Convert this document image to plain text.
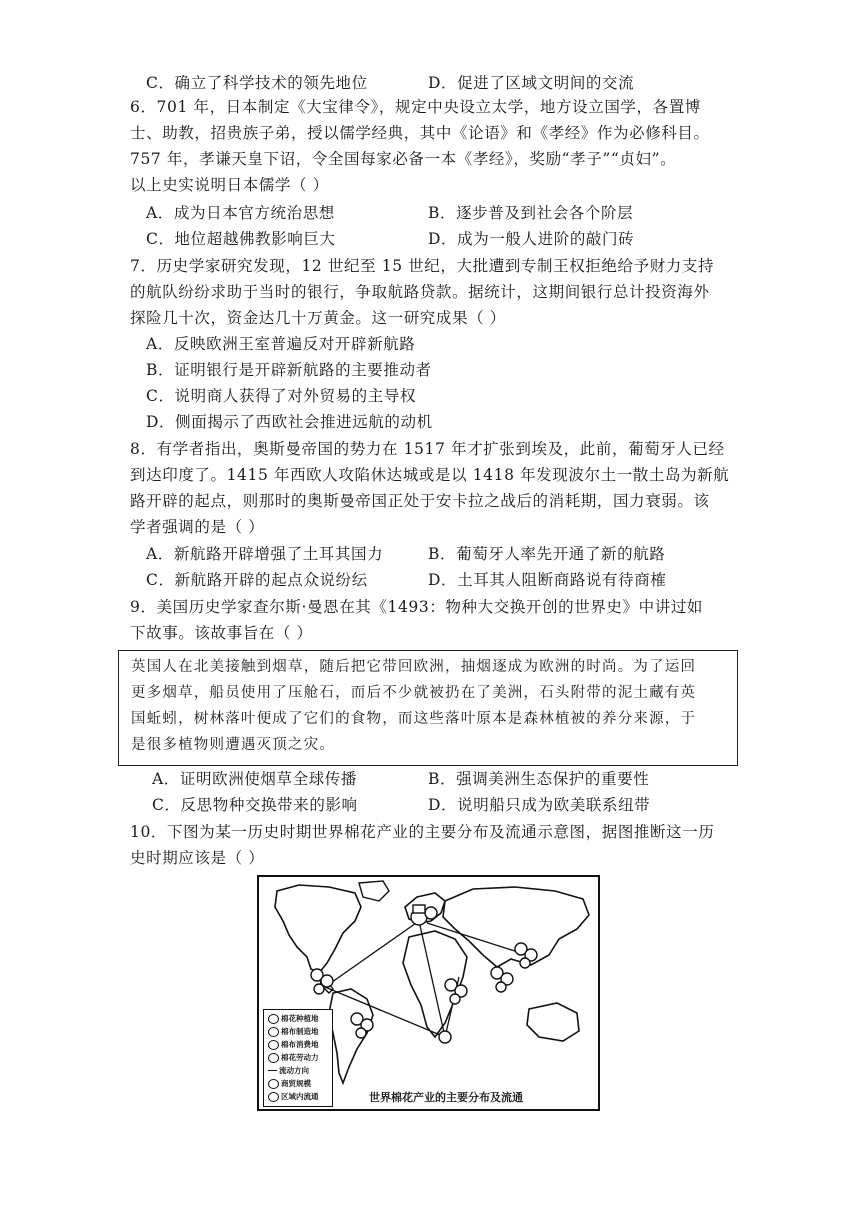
C．确立了科学技术的领先地位	D．促进了区域文明间的交流
6．701 年，日本制定《大宝律令》，规定中央设立太学，地方设立国学，各置博
士、助教，招贵族子弟，授以儒学经典，其中《论语》和《孝经》作为必修科目。
757 年，孝谦天皇下诏，令全国每家必备一本《孝经》，奖励“孝子”“贞妇”。
以上史实说明日本儒学（ ）
A．成为日本官方统治思想	B．逐步普及到社会各个阶层
C．地位超越佛教影响巨大	D．成为一般人进阶的敲门砖
7．历史学家研究发现，12 世纪至 15 世纪，大批遭到专制王权拒绝给予财力支持
的航队纷纷求助于当时的银行，争取航路贷款。据统计，这期间银行总计投资海外
探险几十次，资金达几十万黄金。这一研究成果（ ）
A．反映欧洲王室普遍反对开辟新航路
B．证明银行是开辟新航路的主要推动者
C．说明商人获得了对外贸易的主导权
D．侧面揭示了西欧社会推进远航的动机
8．有学者指出，奥斯曼帝国的势力在 1517 年才扩张到埃及，此前，葡萄牙人已经
到达印度了。1415 年西欧人攻陷休达城或是以 1418 年发现波尔土一散土岛为新航
路开辟的起点，则那时的奥斯曼帝国正处于安卡拉之战后的消耗期，国力衰弱。该
学者强调的是（ ）
A．新航路开辟增强了土耳其国力	B．葡萄牙人率先开通了新的航路
C．新航路开辟的起点众说纷纭	D．土耳其人阻断商路说有待商榷
9．美国历史学家查尔斯·曼恩在其《1493：物种大交换开创的世界史》中讲过如
下故事。该故事旨在（ ）
英国人在北美接触到烟草，随后把它带回欧洲，抽烟逐成为欧洲的时尚。为了运回
更多烟草，船员使用了压舱石，而后不少就被扔在了美洲，石头附带的泥土藏有英
国蚯蚓，树林落叶便成了它们的食物，而这些落叶原本是森林植被的养分来源，于
是很多植物则遭遇灭顶之灾。
A．证明欧洲使烟草全球传播	B．强调美洲生态保护的重要性
C．反思物种交换带来的影响	D．说明船只成为欧美联系纽带
10．下图为某一历史时期世界棉花产业的主要分布及流通示意图，据图推断这一历
史时期应该是（ ）
棉花种植地
棉布制造地
棉布消费地
棉花劳动力
流动方向
商贸规模
区域内流通	世界棉花产业的主要分布及流通
